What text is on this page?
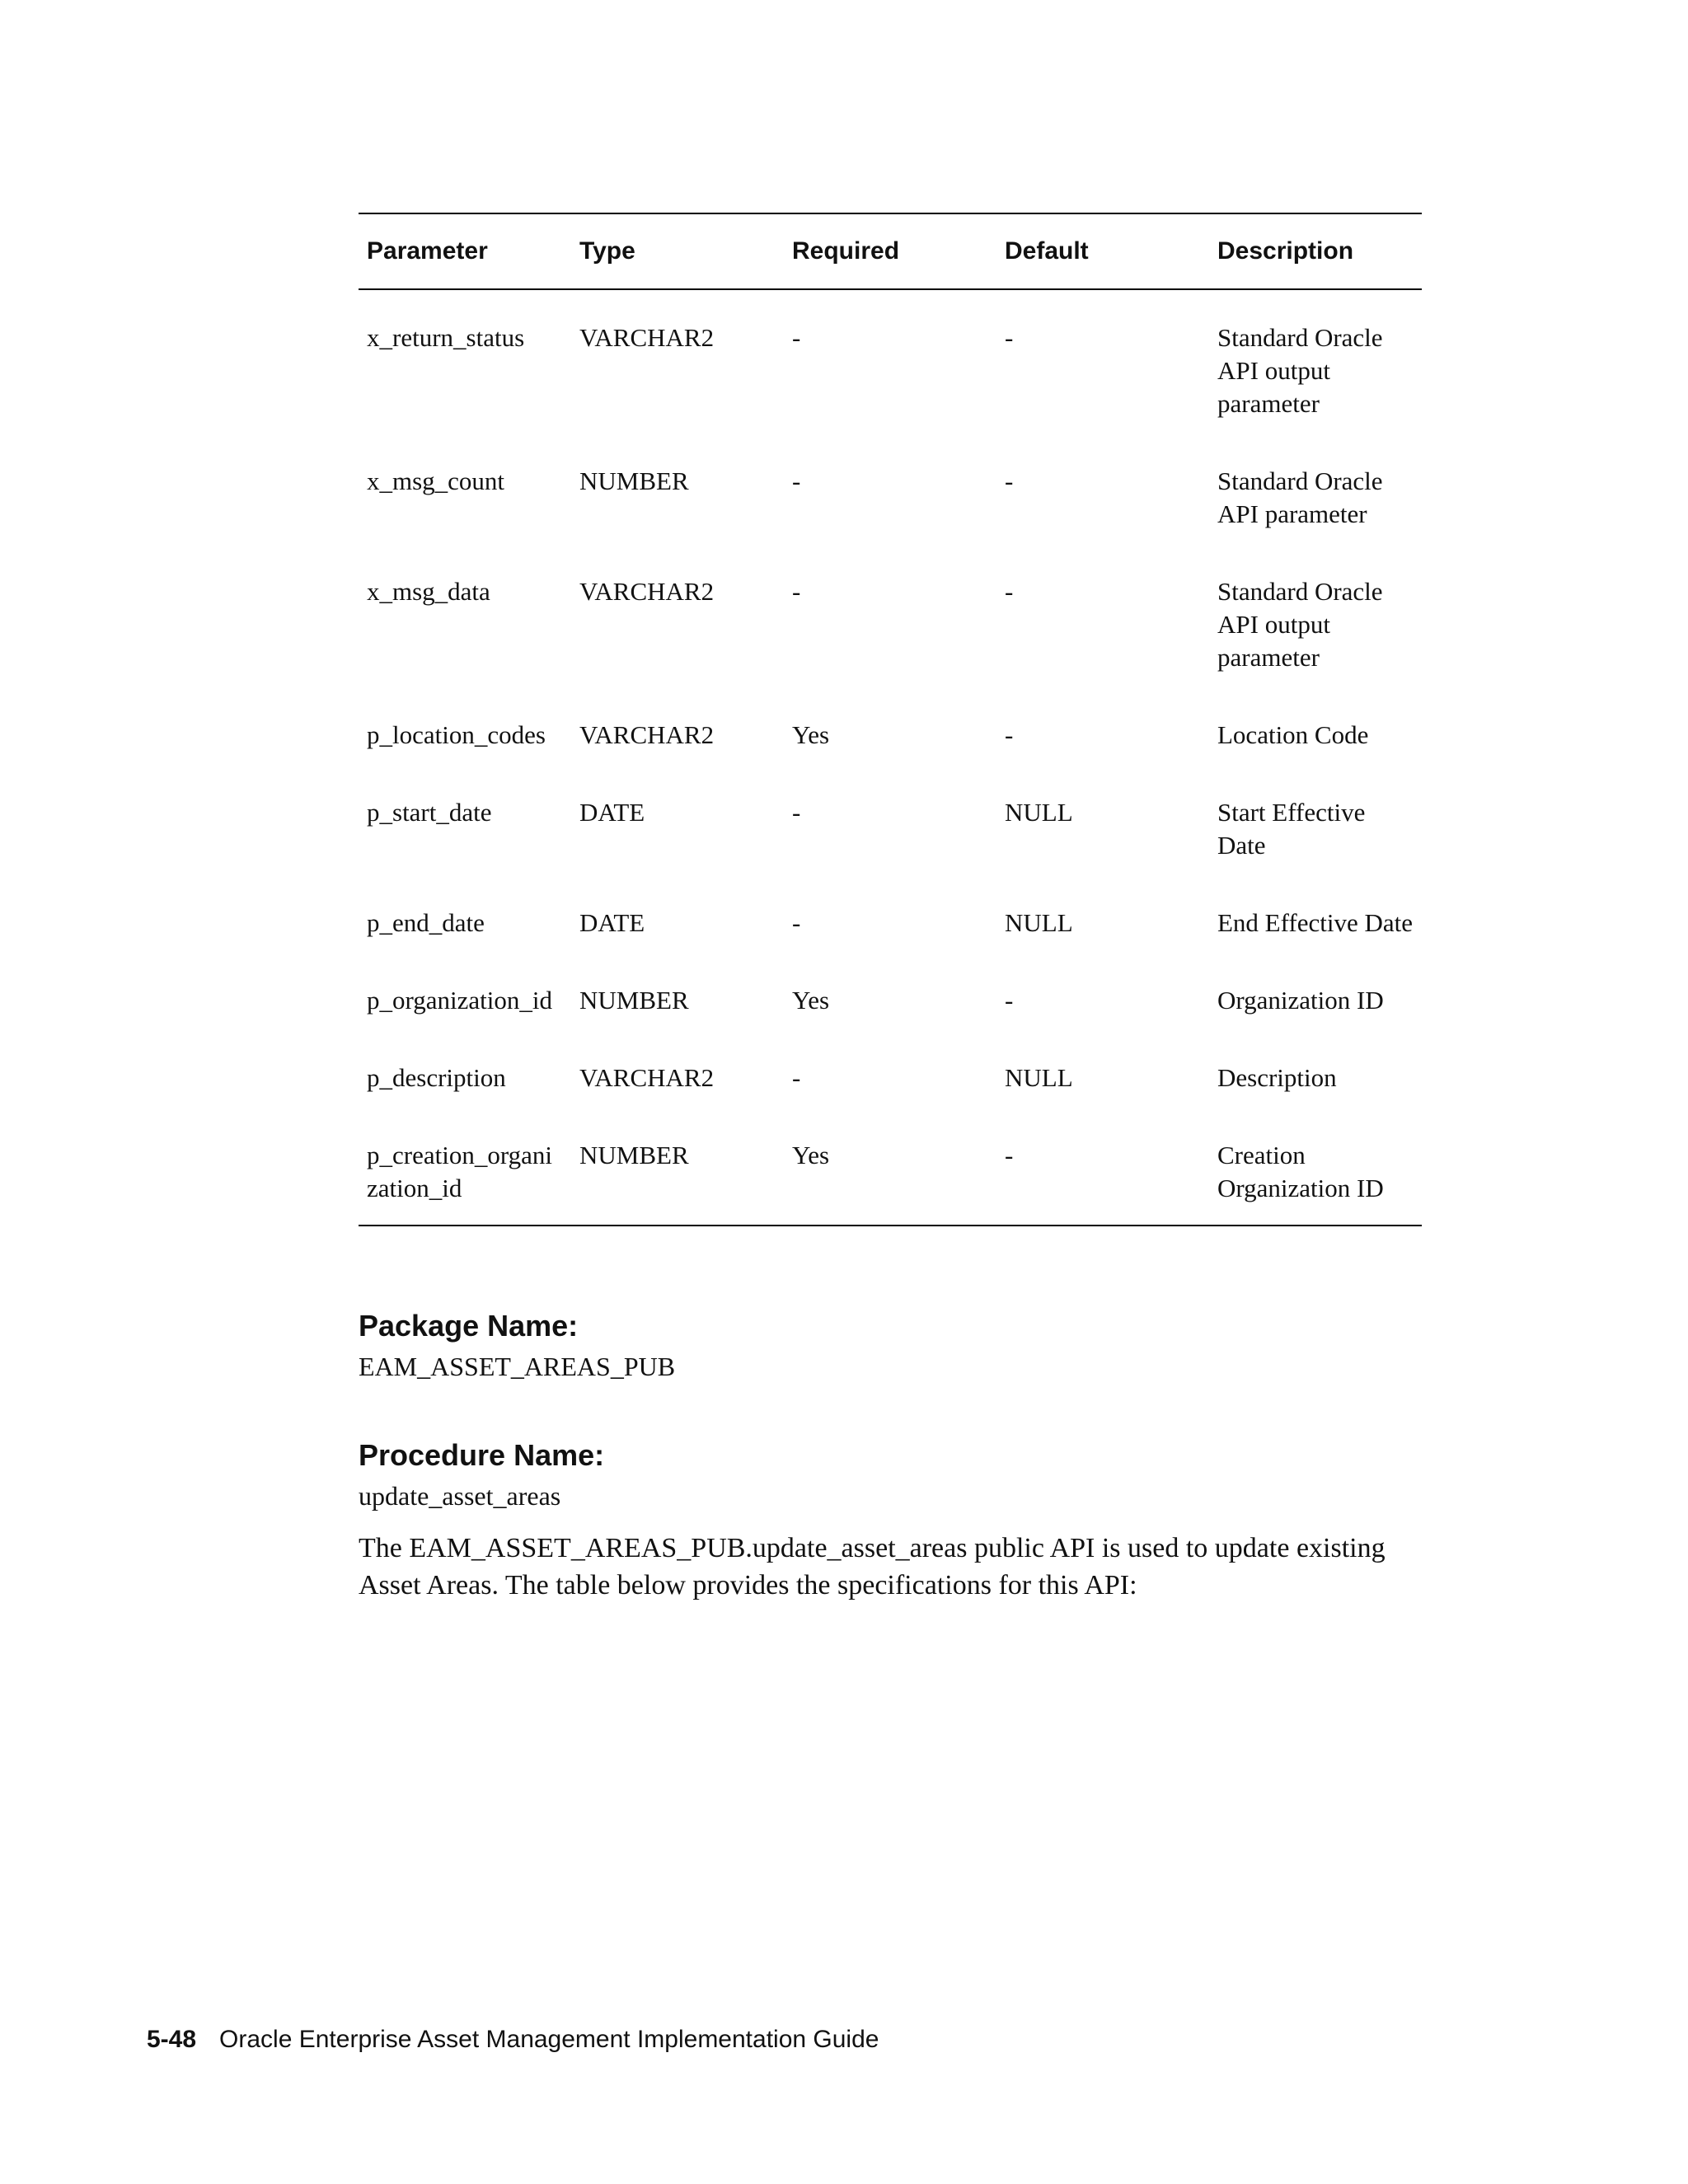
Parameter	Type	Required	Default	Description
x_return_status	VARCHAR2	-	-	Standard Oracle API output parameter
x_msg_count	NUMBER	-	-	Standard Oracle API parameter
x_msg_data	VARCHAR2	-	-	Standard Oracle API output parameter
p_location_codes	VARCHAR2	Yes	-	Location Code
p_start_date	DATE	-	NULL	Start Effective Date
p_end_date	DATE	-	NULL	End Effective Date
p_organization_id	NUMBER	Yes	-	Organization ID
p_description	VARCHAR2	-	NULL	Description
p_creation_organization_id	NUMBER	Yes	-	Creation Organization ID
Package Name:

EAM_ASSET_AREAS_PUB

Procedure Name:

update_asset_areas

The EAM_ASSET_AREAS_PUB.update_asset_areas public API is used to update existing Asset Areas. The table below provides the specifications for this API:

5-48 Oracle Enterprise Asset Management Implementation Guide
